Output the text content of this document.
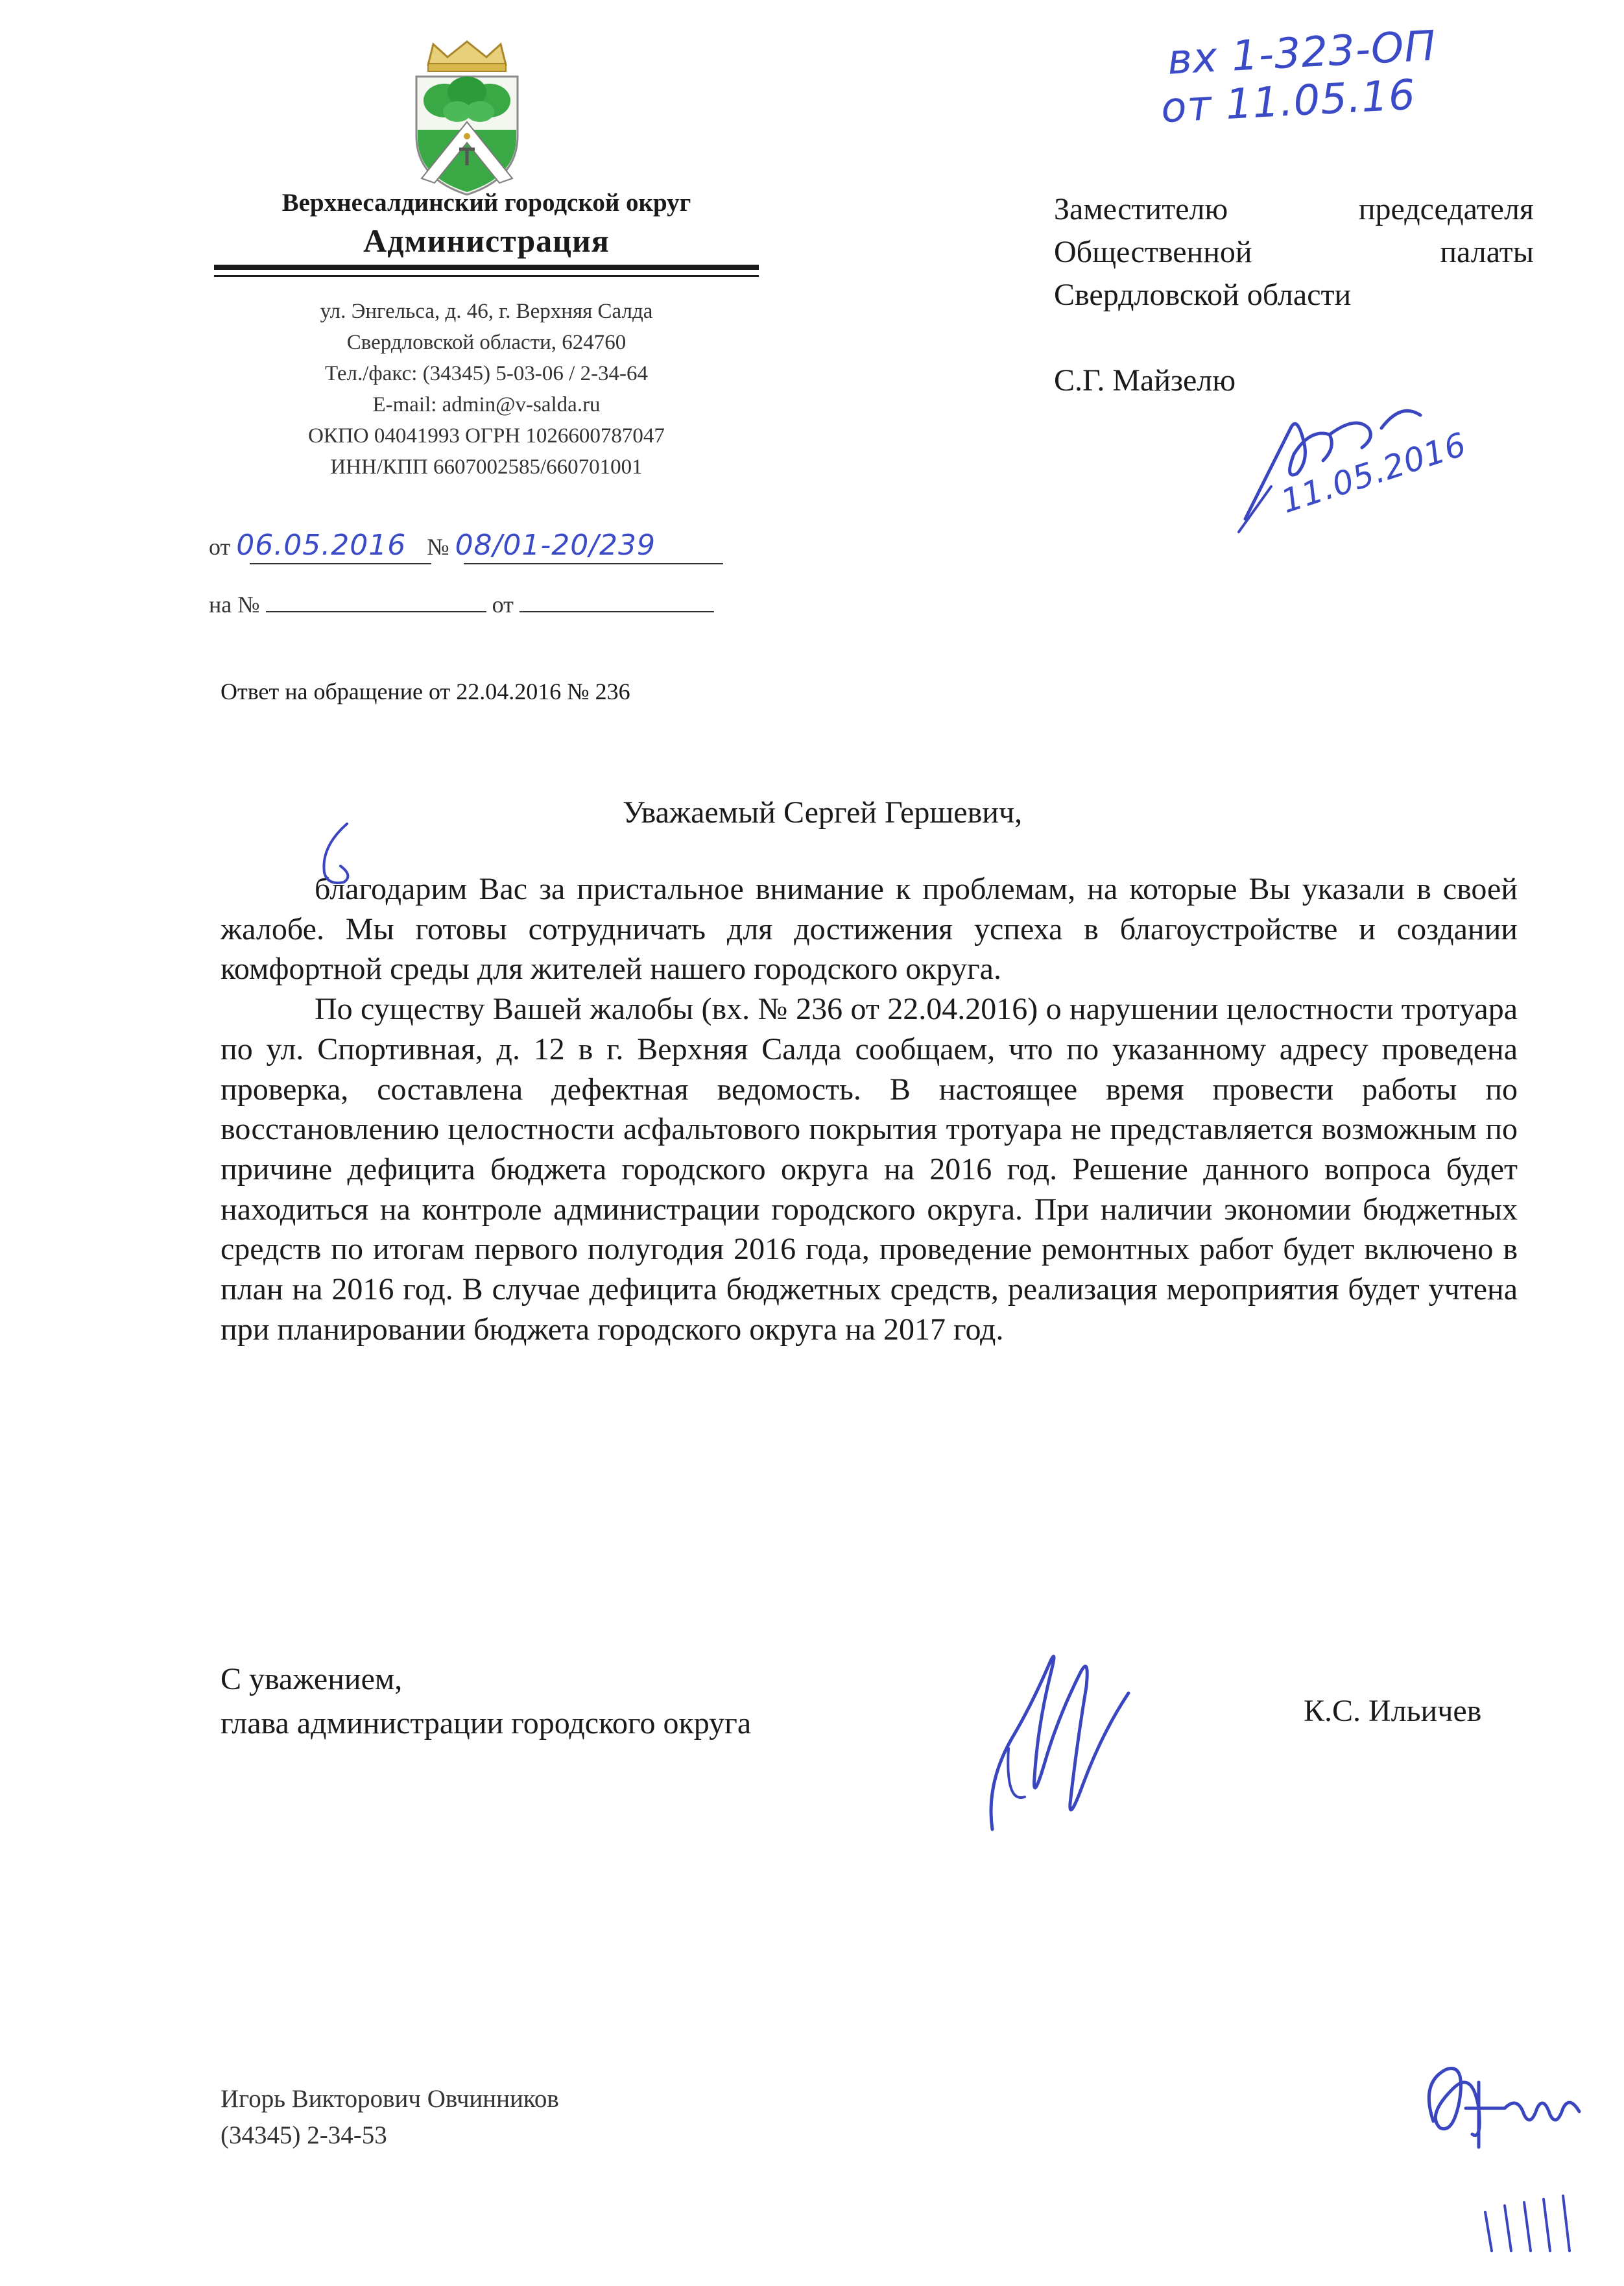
Верхнесалдинский городской округ
Администрация
ул. Энгельса, д. 46, г. Верхняя Салда
Свердловской области, 624760
Тел./факс: (34345) 5-03-06 / 2-34-64
E-mail: admin@v-salda.ru
ОКПО 04041993 ОГРН 1026600787047
ИНН/КПП 6607002585/660701001
от 06.05.2016 № 08/01-20/239
на №	от
вх 1-323-ОП
от 11.05.16
Заместителю	председателя
Общественной	палаты
Свердловской области
С.Г. Майзелю
11.05.2016
Ответ на обращение от 22.04.2016 № 236
Уважаемый Сергей Гершевич,

благодарим Вас за пристальное внимание к проблемам, на которые Вы указали в своей жалобе. Мы готовы сотрудничать для достижения успеха в благоустройстве и создании комфортной среды для жителей нашего городского округа.

По существу Вашей жалобы (вх. № 236 от 22.04.2016) о нарушении целостности тротуара по ул. Спортивная, д. 12 в г. Верхняя Салда сообщаем, что по указанному адресу проведена проверка, составлена дефектная ведомость. В настоящее время провести работы по восстановлению целостности асфальтового покрытия тротуара не представляется возможным по причине дефицита бюджета городского округа на 2016 год. Решение данного вопроса будет находиться на контроле администрации городского округа. При наличии экономии бюджетных средств по итогам первого полугодия 2016 года, проведение ремонтных работ будет включено в план на 2016 год. В случае дефицита бюджетных средств, реализация мероприятия будет учтена при планировании бюджета городского округа на 2017 год.

С уважением,
глава администрации городского округа	К.С. Ильичев
Игорь Викторович Овчинников
(34345) 2-34-53
